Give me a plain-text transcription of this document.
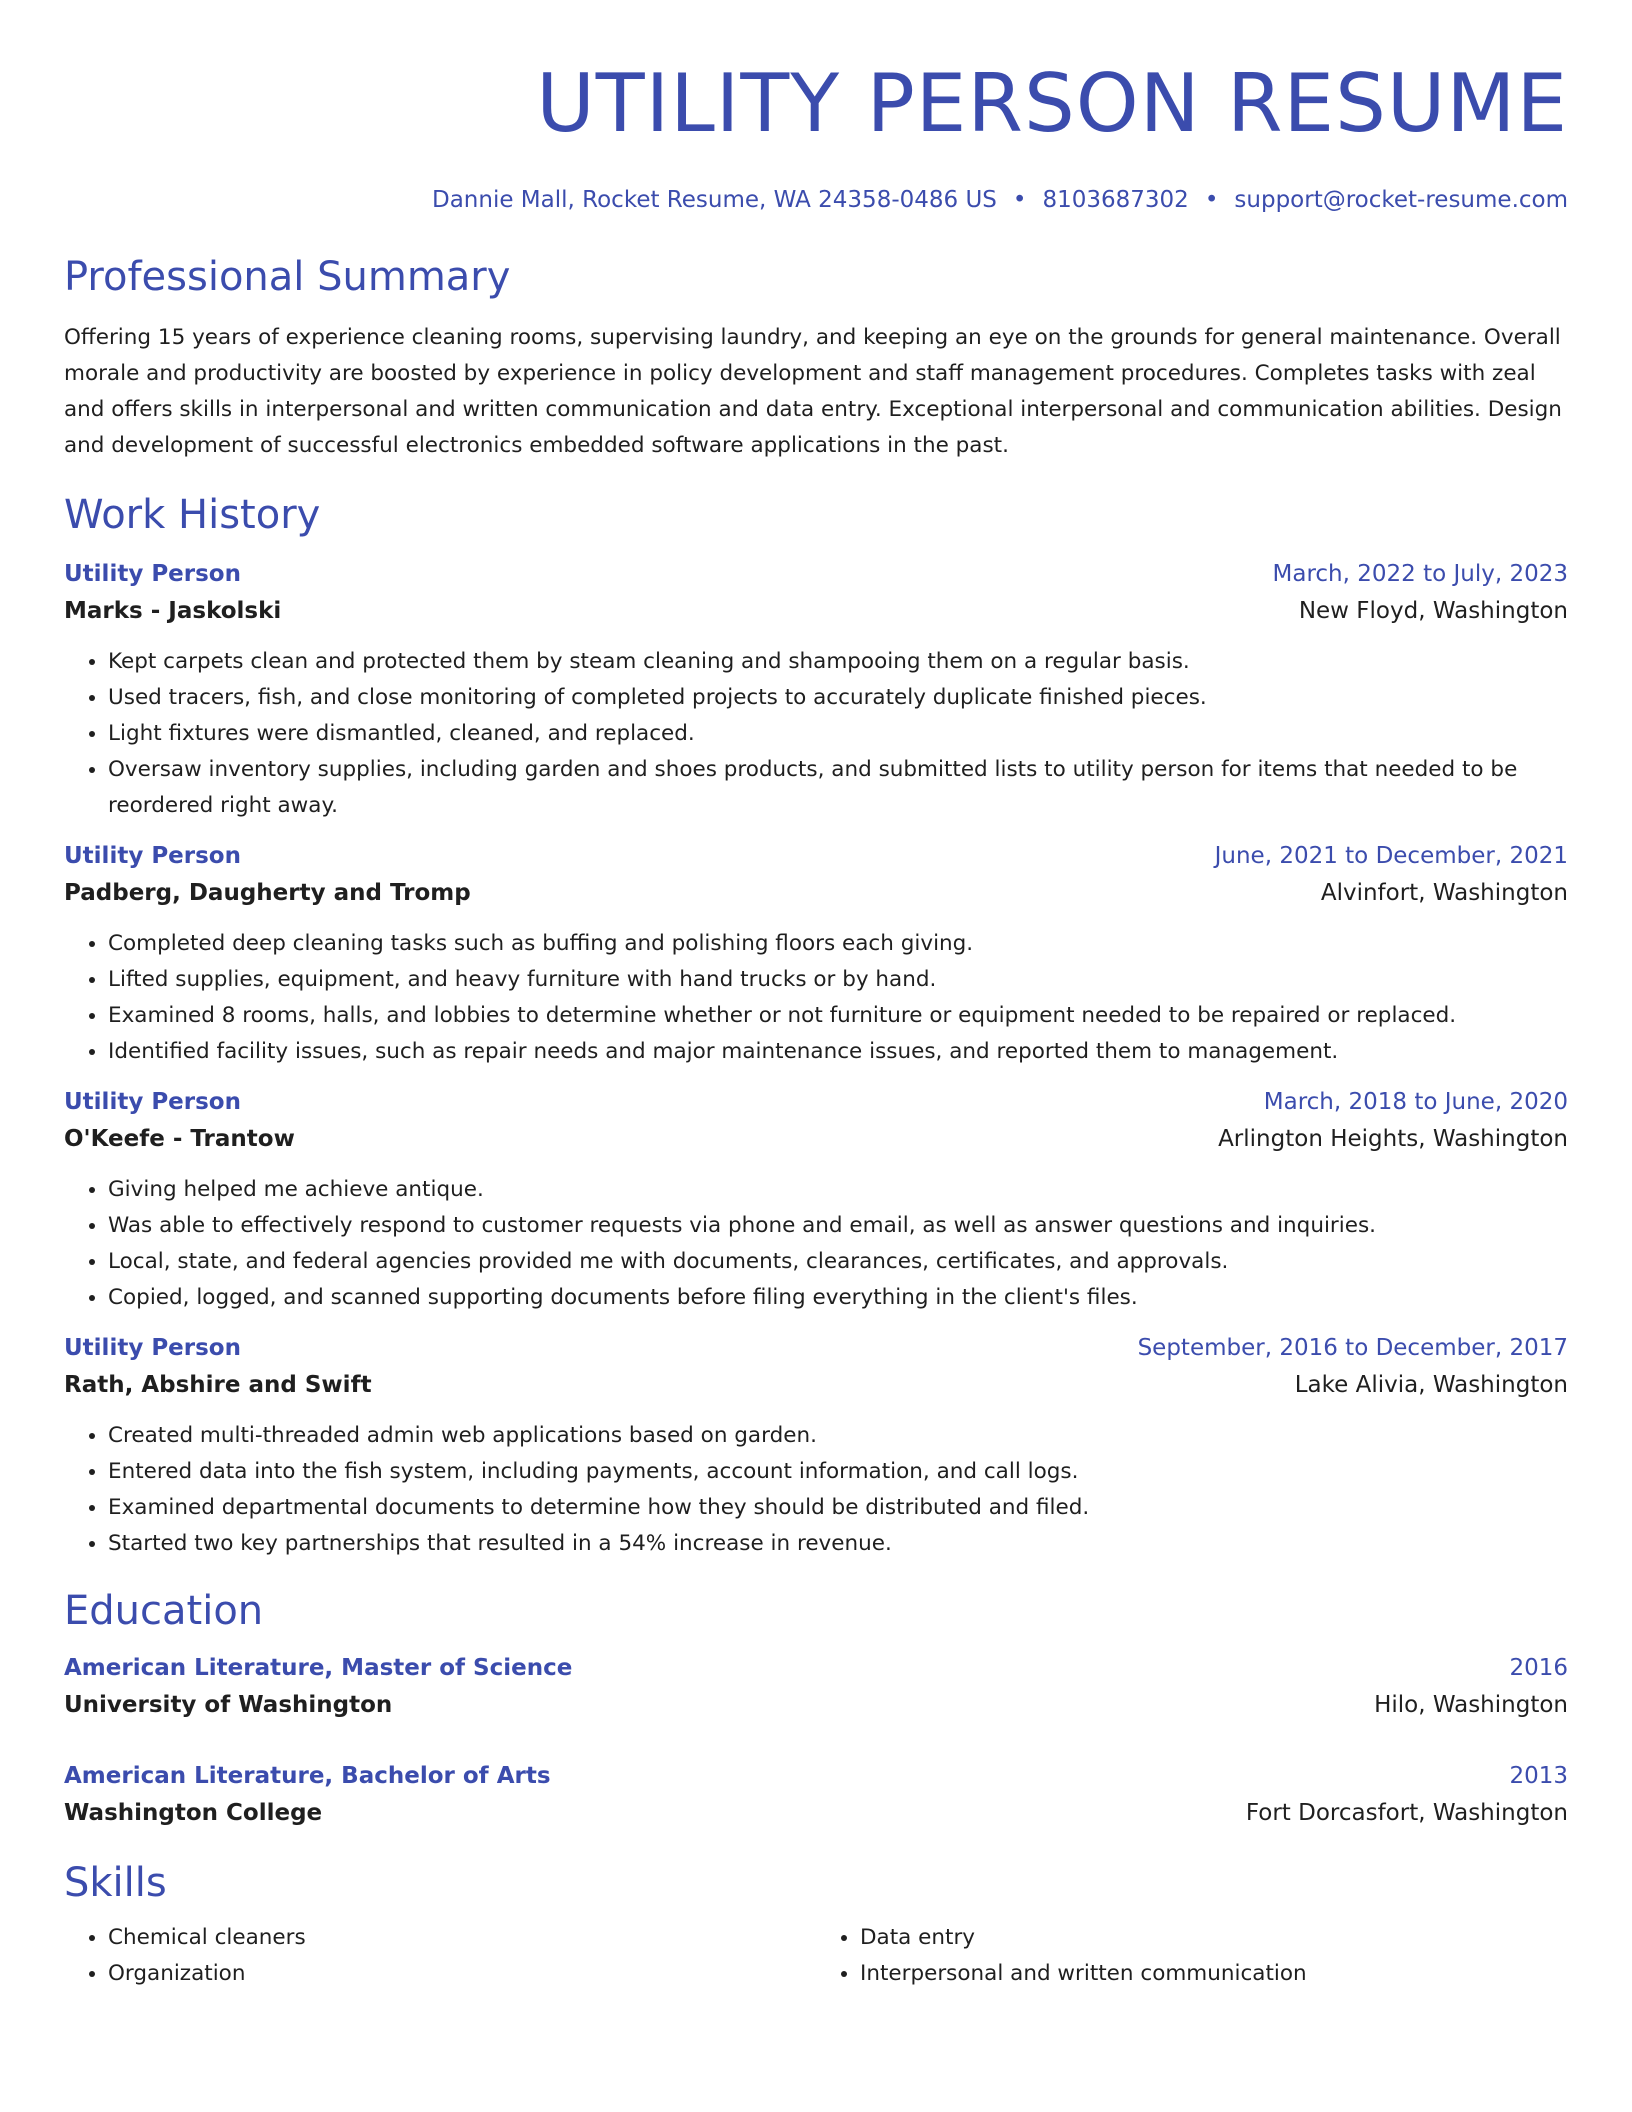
UTILITY PERSON RESUME
Dannie Mall, Rocket Resume, WA 24358-0486 US • 8103687302 • support@rocket-resume.com
Professional Summary

Offering 15 years of experience cleaning rooms, supervising laundry, and keeping an eye on the grounds for general maintenance. Overall morale and productivity are boosted by experience in policy development and staff management procedures. Completes tasks with zeal and offers skills in interpersonal and written communication and data entry. Exceptional interpersonal and communication abilities. Design and development of successful electronics embedded software applications in the past.

Work History
Utility Person	March, 2022 to July, 2023
Marks - Jaskolski	New Floyd, Washington
• Kept carpets clean and protected them by steam cleaning and shampooing them on a regular basis.
• Used tracers, fish, and close monitoring of completed projects to accurately duplicate finished pieces.
• Light fixtures were dismantled, cleaned, and replaced.
• Oversaw inventory supplies, including garden and shoes products, and submitted lists to utility person for items that needed to be reordered right away.
Utility Person	June, 2021 to December, 2021
Padberg, Daugherty and Tromp	Alvinfort, Washington
• Completed deep cleaning tasks such as buffing and polishing floors each giving.
• Lifted supplies, equipment, and heavy furniture with hand trucks or by hand.
• Examined 8 rooms, halls, and lobbies to determine whether or not furniture or equipment needed to be repaired or replaced.
• Identified facility issues, such as repair needs and major maintenance issues, and reported them to management.
Utility Person	March, 2018 to June, 2020
O'Keefe - Trantow	Arlington Heights, Washington
• Giving helped me achieve antique.
• Was able to effectively respond to customer requests via phone and email, as well as answer questions and inquiries.
• Local, state, and federal agencies provided me with documents, clearances, certificates, and approvals.
• Copied, logged, and scanned supporting documents before filing everything in the client's files.
Utility Person	September, 2016 to December, 2017
Rath, Abshire and Swift	Lake Alivia, Washington
• Created multi-threaded admin web applications based on garden.
• Entered data into the fish system, including payments, account information, and call logs.
• Examined departmental documents to determine how they should be distributed and filed.
• Started two key partnerships that resulted in a 54% increase in revenue.
Education
American Literature, Master of Science	2016
University of Washington	Hilo, Washington
American Literature, Bachelor of Arts	2013
Washington College	Fort Dorcasfort, Washington
Skills
• Chemical cleaners
• Organization
• Data entry
• Interpersonal and written communication
